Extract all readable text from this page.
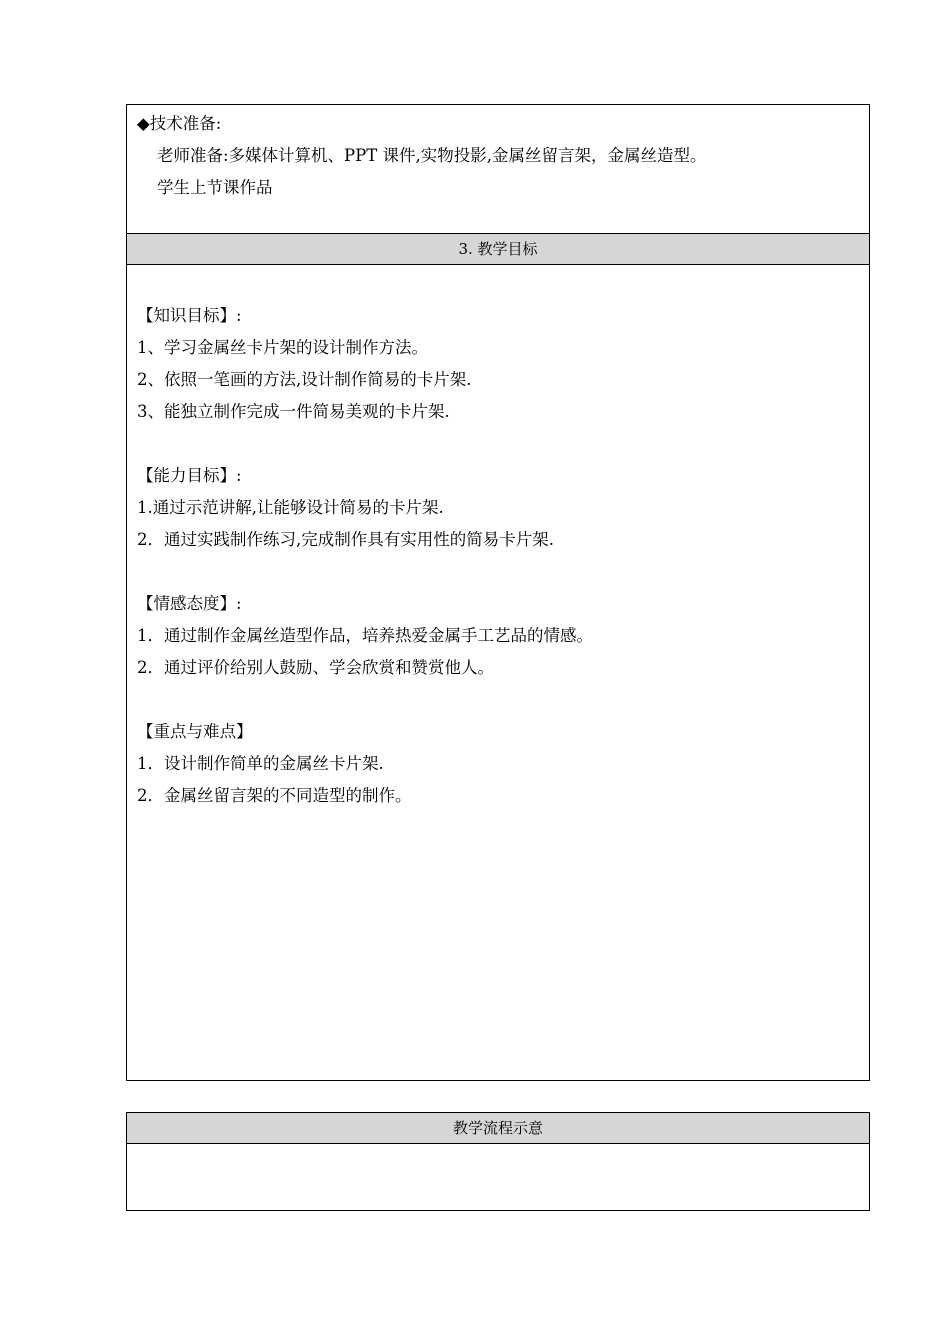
◆技术准备:
老师准备:多媒体计算机、PPT 课件,实物投影,金属丝留言架，金属丝造型。
学生上节课作品
3. 教学目标
【知识目标】:
1、学习金属丝卡片架的设计制作方法。
2、依照一笔画的方法,设计制作简易的卡片架.
3、能独立制作完成一件简易美观的卡片架.
【能力目标】:
1.通过示范讲解,让能够设计简易的卡片架.
2．通过实践制作练习,完成制作具有实用性的简易卡片架.
【情感态度】:
1．通过制作金属丝造型作品，培养热爱金属手工艺品的情感。
2．通过评价给别人鼓励、学会欣赏和赞赏他人。
【重点与难点】
1．设计制作简单的金属丝卡片架.
2．金属丝留言架的不同造型的制作。
教学流程示意
